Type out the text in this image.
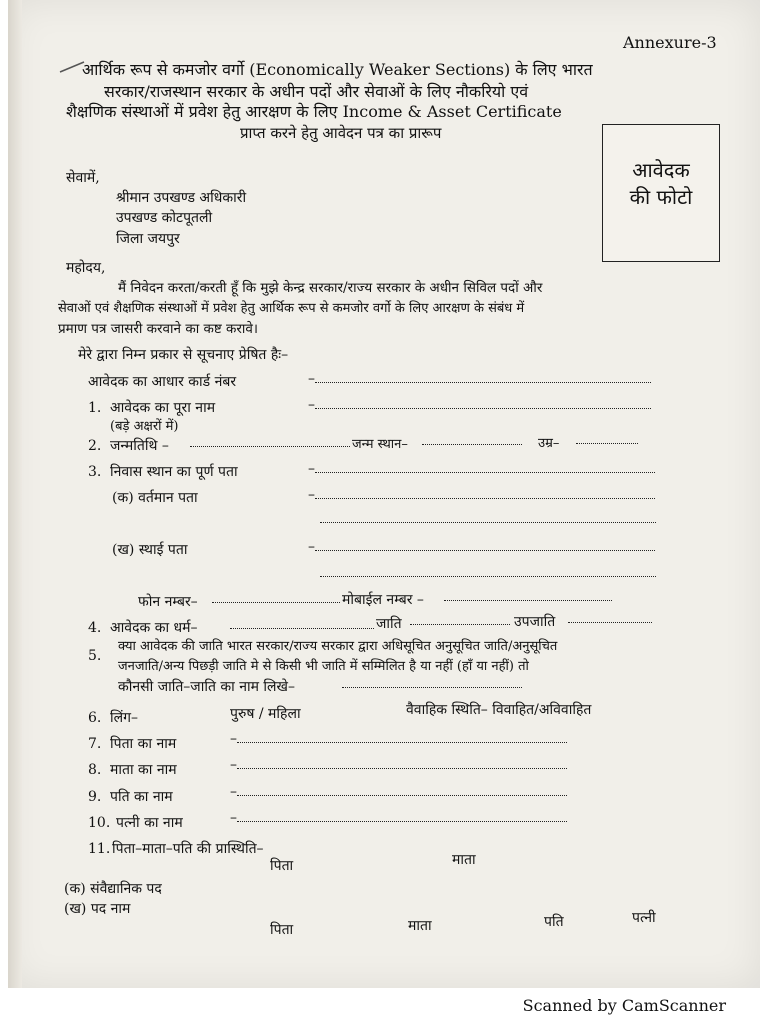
Annexure-3
आर्थिक रूप से कमजोर वर्गो (Economically Weaker Sections) के लिए भारत
सरकार/राजस्थान सरकार के अधीन पदों और सेवाओं के लिए नौकरियो एवं
शैक्षणिक संस्थाओं में प्रवेश हेतु आरक्षण के लिए Income & Asset Certificate
प्राप्त करने हेतु आवेदन पत्र का प्रारूप
आवेदक
की फोटो
सेवामें,
श्रीमान उपखण्ड अधिकारी
उपखण्ड कोटपूतली
जिला जयपुर
महोदय,
मैं निवेदन करता/करती हूँ कि मुझे केन्द्र सरकार/राज्य सरकार के अधीन सिविल पदों और
सेवाओं एवं शैक्षणिक संस्थाओं में प्रवेश हेतु आर्थिक रूप से कमजोर वर्गो के लिए आरक्षण के संबंध में
प्रमाण पत्र जासरी करवाने का कष्ट करावे।
मेरे द्वारा निम्न प्रकार से सूचनाए प्रेषित हैः–
आवेदक का आधार कार्ड नंबर	–
1. आवेदक का पूरा नाम
(बड़े अक्षरों में)
–
2. जन्मतिथि –	जन्म स्थान–	उम्र–
3. निवास स्थान का पूर्ण पता	–
(क) वर्तमान पता	–
(ख) स्थाई पता	–
फोन नम्बर–	मोबाईल नम्बर –
4. आवेदक का धर्म–	जाति	उपजाति
5.
क्या आवेदक की जाति भारत सरकार/राज्य सरकार द्वारा अधिसूचित अनुसूचित जाति/अनुसूचित
जनजाति/अन्य पिछड़ी जाति मे से किसी भी जाति में सम्मिलित है या नहीं (हाँ या नहीं) तो
कौनसी जाति–जाति का नाम लिखे–
6. लिंग–	पुरुष / महिला	वैवाहिक स्थिति– विवाहित/अविवाहित
7. पिता का नाम	–
8. माता का नाम	–
9. पति का नाम	–
10. पत्नी का नाम	–
11. पिता–माता–पति की प्रास्थिति–
पिता	माता
(क) संवैद्यानिक पद
(ख) पद नाम
पिता	माता	पति	पत्नी
Scanned by CamScanner
